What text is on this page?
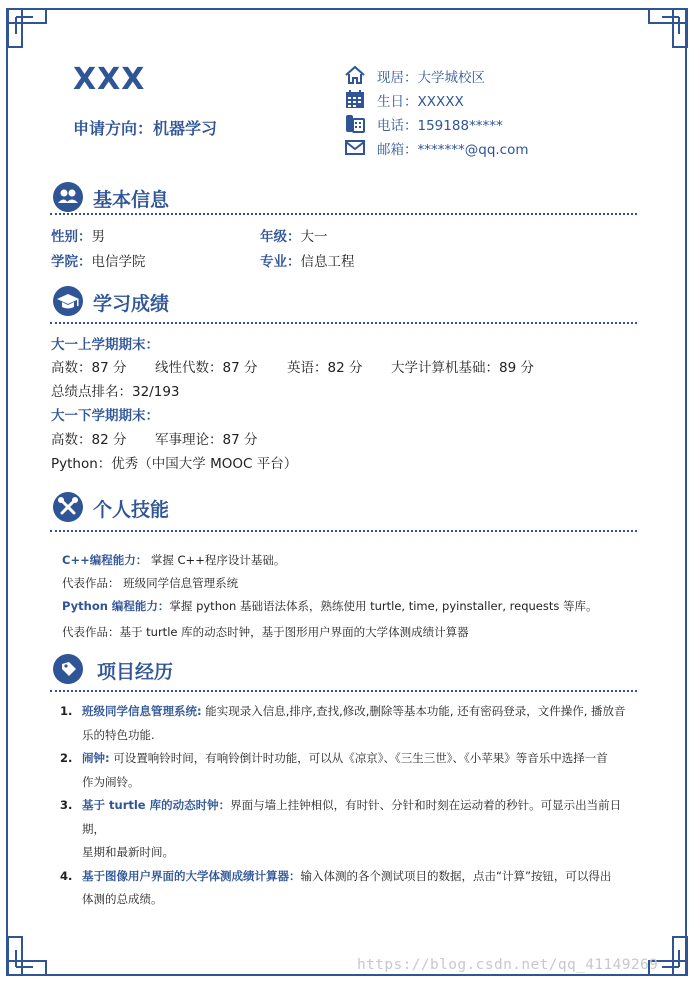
XXX
申请方向：机器学习
现居：大学城校区
生日：XXXXX
电话：159188*****
邮箱：*******@qq.com
基本信息
性别：男	年级：大一
学院：电信学院	专业：信息工程
学习成绩
大一上学期期末：
高数：87 分 线性代数：87 分 英语：82 分 大学计算机基础：89 分
总绩点排名：32/193
大一下学期期末：
高数：82 分 军事理论：87 分
Python：优秀（中国大学 MOOC 平台）
个人技能
C++编程能力： 掌握 C++程序设计基础。
代表作品： 班级同学信息管理系统
Python 编程能力：掌握 python 基础语法体系，熟练使用 turtle, time, pyinstaller, requests 等库。
代表作品：基于 turtle 库的动态时钟，基于图形用户界面的大学体测成绩计算器
项目经历
1. 班级同学信息管理系统: 能实现录入信息,排序,查找,修改,删除等基本功能, 还有密码登录，文件操作, 播放音
乐的特色功能.
2. 闹钟: 可设置响铃时间，有响铃倒计时功能，可以从《凉京》、《三生三世》、《小苹果》等音乐中选择一首
作为闹铃。
3. 基于 turtle 库的动态时钟：界面与墙上挂钟相似，有时针、分针和时刻在运动着的秒针。可显示出当前日期，
星期和最新时间。
4. 基于图像用户界面的大学体测成绩计算器：输入体测的各个测试项目的数据，点击“计算”按钮，可以得出
体测的总成绩。
https://blog.csdn.net/qq_41149269
